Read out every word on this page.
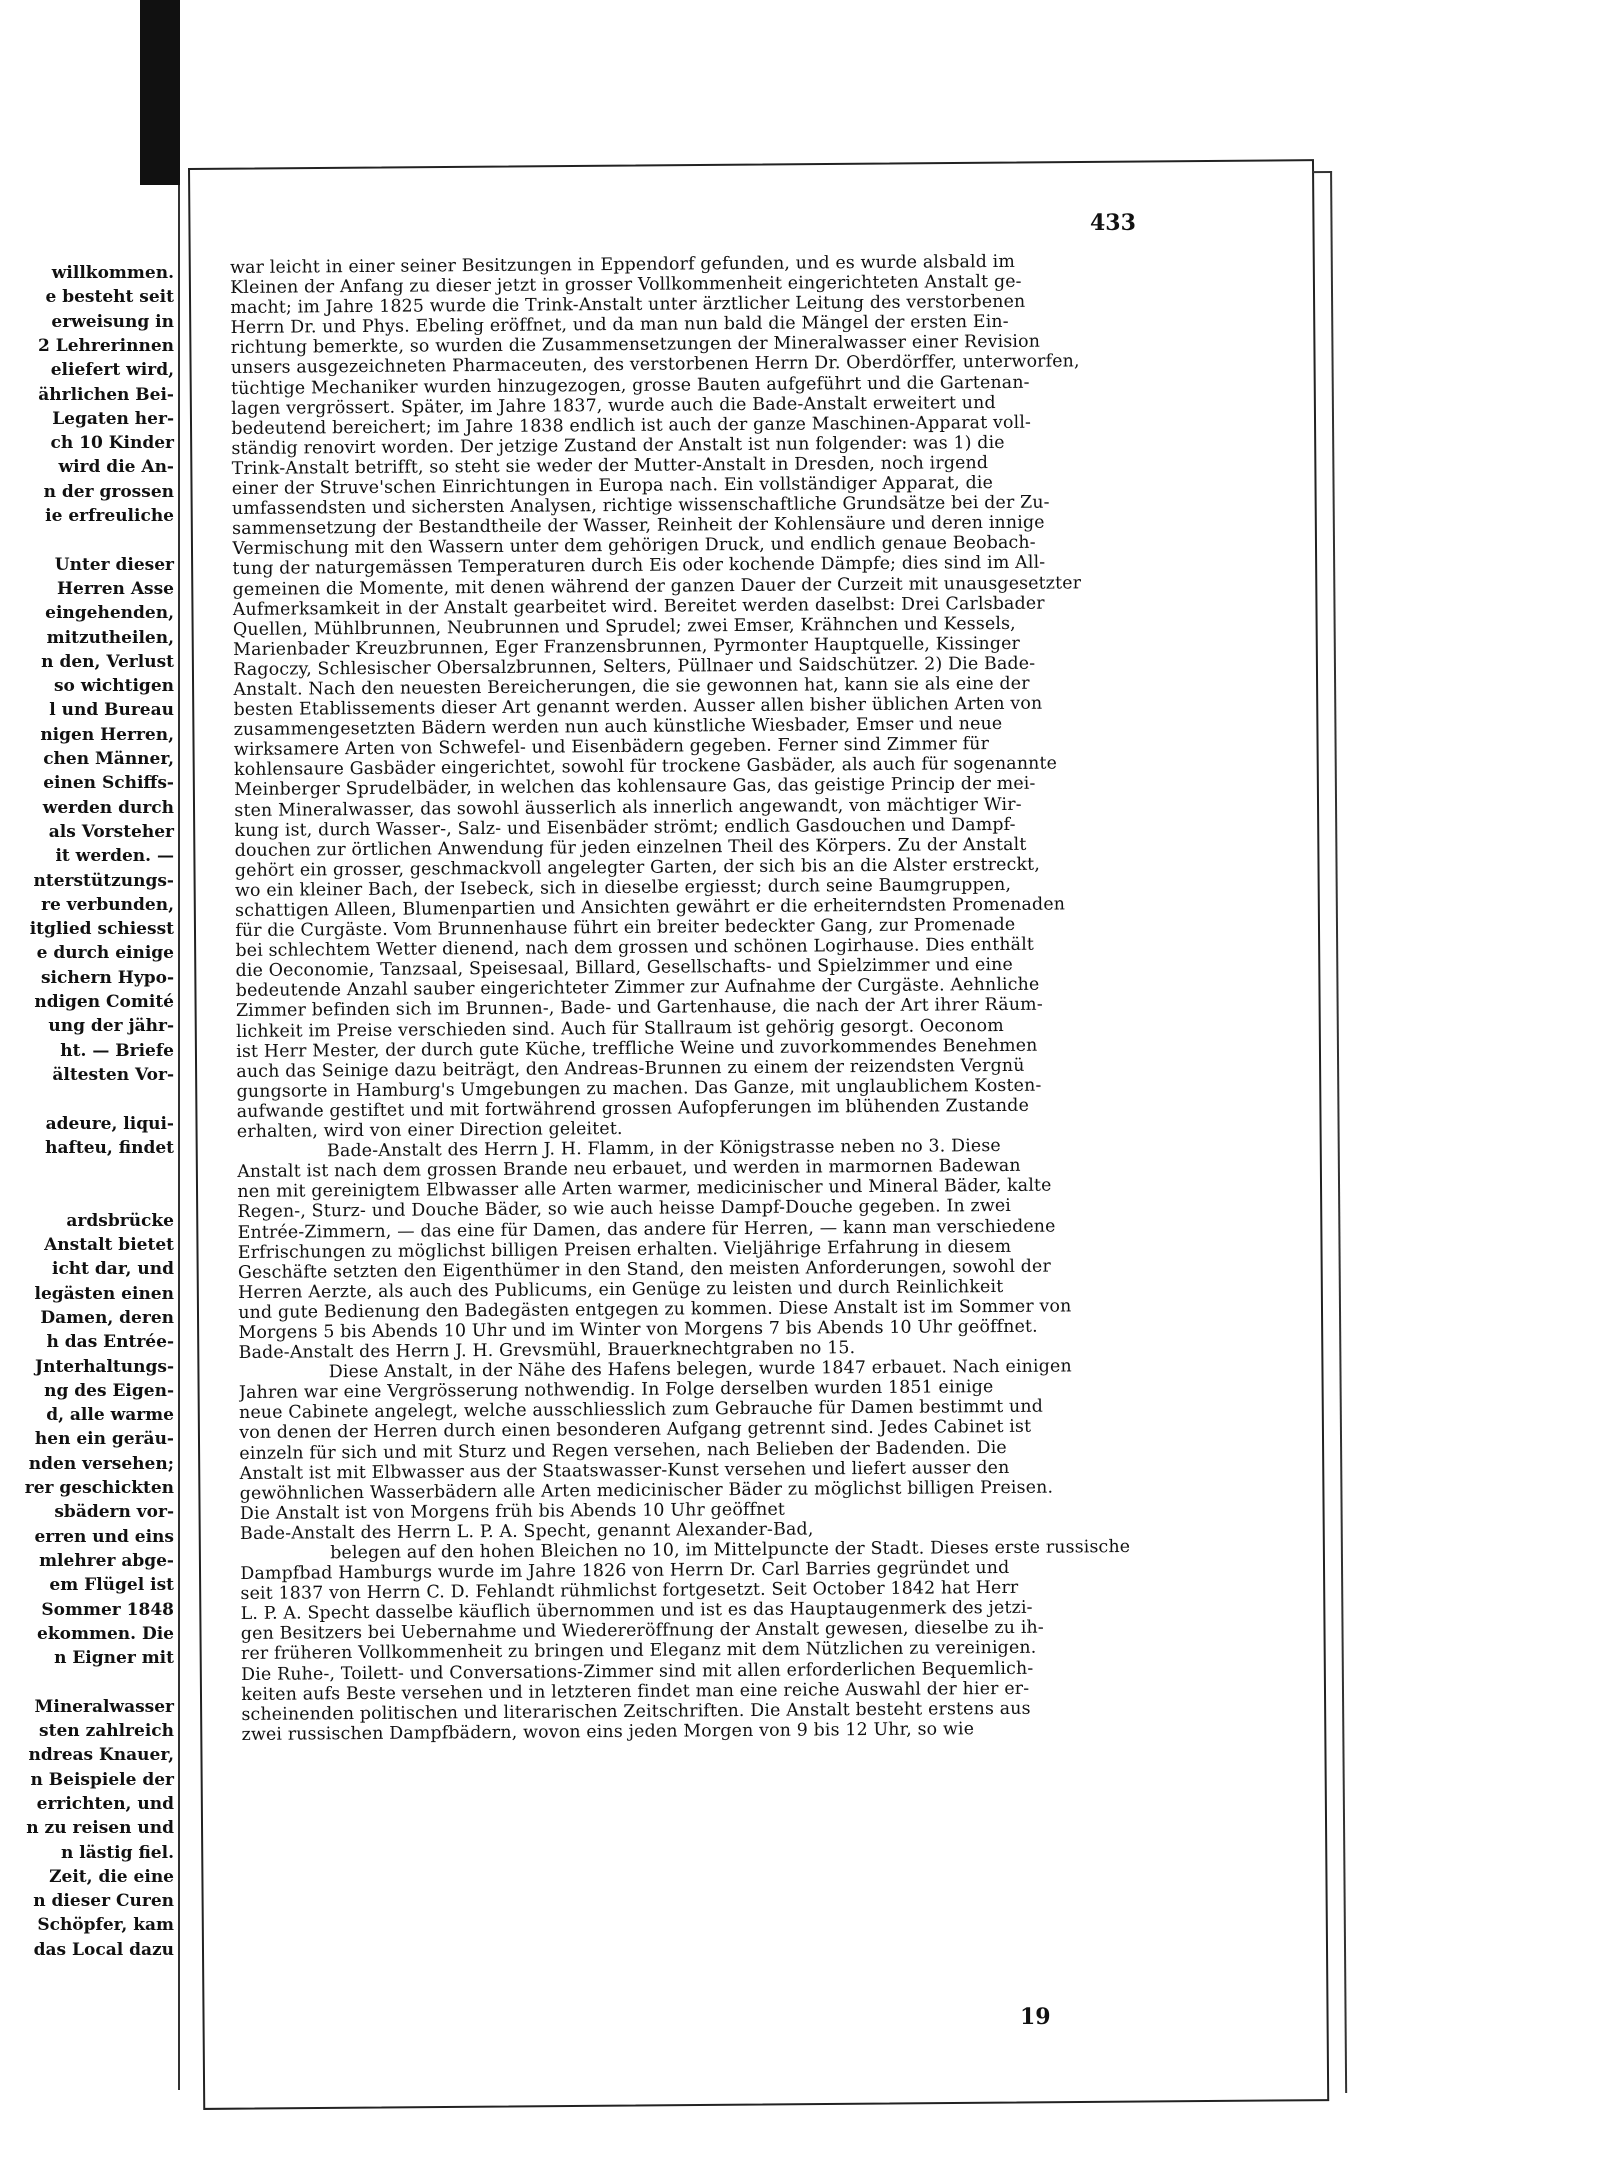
willkommen.
e besteht seit
erweisung in
2 Lehrerinnen
eliefert wird,
ährlichen Bei-
Legaten her-
ch 10 Kinder
wird die An-
n der grossen
ie erfreuliche
Unter dieser
Herren Asse
eingehenden,
mitzutheilen,
n den, Verlust
so wichtigen
l und Bureau
nigen Herren,
chen Männer,
einen Schiffs-
werden durch
als Vorsteher
it werden. —
nterstützungs-
re verbunden,
itglied schiesst
e durch einige
sichern Hypo-
ndigen Comité
ung der jähr-
ht. — Briefe
ältesten Vor-
adeure, liqui-
hafteu, findet
ardsbrücke
Anstalt bietet
icht dar, und
legästen einen
Damen, deren
h das Entrée-
Jnterhaltungs-
ng des Eigen-
d, alle warme
hen ein geräu-
nden versehen;
rer geschickten
sbädern vor-
erren und eins
mlehrer abge-
em Flügel ist
Sommer 1848
ekommen. Die
n Eigner mit
Mineralwasser
sten zahlreich
ndreas Knauer,
n Beispiele der
errichten, und
n zu reisen und
n lästig fiel.
Zeit, die eine
n dieser Curen
Schöpfer, kam
das Local dazu
433
war leicht in einer seiner Besitzungen in Eppendorf gefunden, und es wurde alsbald im
Kleinen der Anfang zu dieser jetzt in grosser Vollkommenheit eingerichteten Anstalt ge-
macht; im Jahre 1825 wurde die Trink-Anstalt unter ärztlicher Leitung des verstorbenen
Herrn Dr. und Phys. Ebeling eröffnet, und da man nun bald die Mängel der ersten Ein-
richtung bemerkte, so wurden die Zusammensetzungen der Mineralwasser einer Revision
unsers ausgezeichneten Pharmaceuten, des verstorbenen Herrn Dr. Oberdörffer, unterworfen,
tüchtige Mechaniker wurden hinzugezogen, grosse Bauten aufgeführt und die Gartenan-
lagen vergrössert. Später, im Jahre 1837, wurde auch die Bade-Anstalt erweitert und
bedeutend bereichert; im Jahre 1838 endlich ist auch der ganze Maschinen-Apparat voll-
ständig renovirt worden. Der jetzige Zustand der Anstalt ist nun folgender: was 1) die
Trink-Anstalt betrifft, so steht sie weder der Mutter-Anstalt in Dresden, noch irgend
einer der Struve'schen Einrichtungen in Europa nach. Ein vollständiger Apparat, die
umfassendsten und sichersten Analysen, richtige wissenschaftliche Grundsätze bei der Zu-
sammensetzung der Bestandtheile der Wasser, Reinheit der Kohlensäure und deren innige
Vermischung mit den Wassern unter dem gehörigen Druck, und endlich genaue Beobach-
tung der naturgemässen Temperaturen durch Eis oder kochende Dämpfe; dies sind im All-
gemeinen die Momente, mit denen während der ganzen Dauer der Curzeit mit unausgesetzter
Aufmerksamkeit in der Anstalt gearbeitet wird. Bereitet werden daselbst: Drei Carlsbader
Quellen, Mühlbrunnen, Neubrunnen und Sprudel; zwei Emser, Krähnchen und Kessels,
Marienbader Kreuzbrunnen, Eger Franzensbrunnen, Pyrmonter Hauptquelle, Kissinger
Ragoczy, Schlesischer Obersalzbrunnen, Selters, Püllnaer und Saidschützer. 2) Die Bade-
Anstalt. Nach den neuesten Bereicherungen, die sie gewonnen hat, kann sie als eine der
besten Etablissements dieser Art genannt werden. Ausser allen bisher üblichen Arten von
zusammengesetzten Bädern werden nun auch künstliche Wiesbader, Emser und neue
wirksamere Arten von Schwefel- und Eisenbädern gegeben. Ferner sind Zimmer für
kohlensaure Gasbäder eingerichtet, sowohl für trockene Gasbäder, als auch für sogenannte
Meinberger Sprudelbäder, in welchen das kohlensaure Gas, das geistige Princip der mei-
sten Mineralwasser, das sowohl äusserlich als innerlich angewandt, von mächtiger Wir-
kung ist, durch Wasser-, Salz- und Eisenbäder strömt; endlich Gasdouchen und Dampf-
douchen zur örtlichen Anwendung für jeden einzelnen Theil des Körpers. Zu der Anstalt
gehört ein grosser, geschmackvoll angelegter Garten, der sich bis an die Alster erstreckt,
wo ein kleiner Bach, der Isebeck, sich in dieselbe ergiesst; durch seine Baumgruppen,
schattigen Alleen, Blumenpartien und Ansichten gewährt er die erheiterndsten Promenaden
für die Curgäste. Vom Brunnenhause führt ein breiter bedeckter Gang, zur Promenade
bei schlechtem Wetter dienend, nach dem grossen und schönen Logirhause. Dies enthält
die Oeconomie, Tanzsaal, Speisesaal, Billard, Gesellschafts- und Spielzimmer und eine
bedeutende Anzahl sauber eingerichteter Zimmer zur Aufnahme der Curgäste. Aehnliche
Zimmer befinden sich im Brunnen-, Bade- und Gartenhause, die nach der Art ihrer Räum-
lichkeit im Preise verschieden sind. Auch für Stallraum ist gehörig gesorgt. Oeconom
ist Herr Mester, der durch gute Küche, treffliche Weine und zuvorkommendes Benehmen
auch das Seinige dazu beiträgt, den Andreas-Brunnen zu einem der reizendsten Vergnü
gungsorte in Hamburg's Umgebungen zu machen. Das Ganze, mit unglaublichem Kosten-
aufwande gestiftet und mit fortwährend grossen Aufopferungen im blühenden Zustande
erhalten, wird von einer Direction geleitet.
Bade-Anstalt des Herrn J. H. Flamm, in der Königstrasse neben no 3. Diese
Anstalt ist nach dem grossen Brande neu erbauet, und werden in marmornen Badewan
nen mit gereinigtem Elbwasser alle Arten warmer, medicinischer und Mineral Bäder, kalte
Regen-, Sturz- und Douche Bäder, so wie auch heisse Dampf-Douche gegeben. In zwei
Entrée-Zimmern, — das eine für Damen, das andere für Herren, — kann man verschiedene
Erfrischungen zu möglichst billigen Preisen erhalten. Vieljährige Erfahrung in diesem
Geschäfte setzten den Eigenthümer in den Stand, den meisten Anforderungen, sowohl der
Herren Aerzte, als auch des Publicums, ein Genüge zu leisten und durch Reinlichkeit
und gute Bedienung den Badegästen entgegen zu kommen. Diese Anstalt ist im Sommer von
Morgens 5 bis Abends 10 Uhr und im Winter von Morgens 7 bis Abends 10 Uhr geöffnet.
Bade-Anstalt des Herrn J. H. Grevsmühl, Brauerknechtgraben no 15.
Diese Anstalt, in der Nähe des Hafens belegen, wurde 1847 erbauet. Nach einigen
Jahren war eine Vergrösserung nothwendig. In Folge derselben wurden 1851 einige
neue Cabinete angelegt, welche ausschliesslich zum Gebrauche für Damen bestimmt und
von denen der Herren durch einen besonderen Aufgang getrennt sind. Jedes Cabinet ist
einzeln für sich und mit Sturz und Regen versehen, nach Belieben der Badenden. Die
Anstalt ist mit Elbwasser aus der Staatswasser-Kunst versehen und liefert ausser den
gewöhnlichen Wasserbädern alle Arten medicinischer Bäder zu möglichst billigen Preisen.
Die Anstalt ist von Morgens früh bis Abends 10 Uhr geöffnet
Bade-Anstalt des Herrn L. P. A. Specht, genannt Alexander-Bad,
belegen auf den hohen Bleichen no 10, im Mittelpuncte der Stadt. Dieses erste russische
Dampfbad Hamburgs wurde im Jahre 1826 von Herrn Dr. Carl Barries gegründet und
seit 1837 von Herrn C. D. Fehlandt rühmlichst fortgesetzt. Seit October 1842 hat Herr
L. P. A. Specht dasselbe käuflich übernommen und ist es das Hauptaugenmerk des jetzi-
gen Besitzers bei Uebernahme und Wiedereröffnung der Anstalt gewesen, dieselbe zu ih-
rer früheren Vollkommenheit zu bringen und Eleganz mit dem Nützlichen zu vereinigen.
Die Ruhe-, Toilett- und Conversations-Zimmer sind mit allen erforderlichen Bequemlich-
keiten aufs Beste versehen und in letzteren findet man eine reiche Auswahl der hier er-
scheinenden politischen und literarischen Zeitschriften. Die Anstalt besteht erstens aus
zwei russischen Dampfbädern, wovon eins jeden Morgen von 9 bis 12 Uhr, so wie
19
